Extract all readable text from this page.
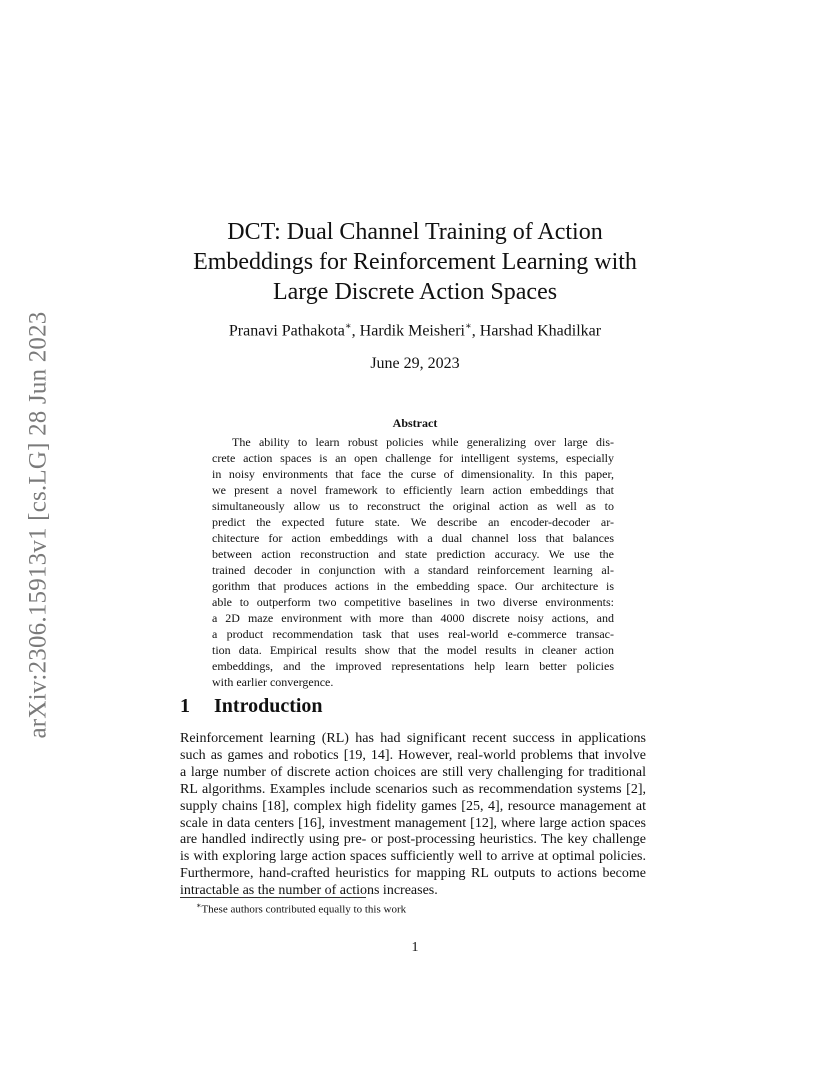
arXiv:2306.15913v1 [cs.LG] 28 Jun 2023
DCT: Dual Channel Training of Action
Embeddings for Reinforcement Learning with
Large Discrete Action Spaces
Pranavi Pathakota∗, Hardik Meisheri∗, Harshad Khadilkar
June 29, 2023
Abstract
The ability to learn robust policies while generalizing over large dis-
crete action spaces is an open challenge for intelligent systems, especially
in noisy environments that face the curse of dimensionality. In this paper,
we present a novel framework to efficiently learn action embeddings that
simultaneously allow us to reconstruct the original action as well as to
predict the expected future state. We describe an encoder-decoder ar-
chitecture for action embeddings with a dual channel loss that balances
between action reconstruction and state prediction accuracy. We use the
trained decoder in conjunction with a standard reinforcement learning al-
gorithm that produces actions in the embedding space. Our architecture is
able to outperform two competitive baselines in two diverse environments:
a 2D maze environment with more than 4000 discrete noisy actions, and
a product recommendation task that uses real-world e-commerce transac-
tion data. Empirical results show that the model results in cleaner action
embeddings, and the improved representations help learn better policies
with earlier convergence.
1 Introduction
Reinforcement learning (RL) has had significant recent success in applications
such as games and robotics [19, 14]. However, real-world problems that involve
a large number of discrete action choices are still very challenging for traditional
RL algorithms. Examples include scenarios such as recommendation systems [2],
supply chains [18], complex high fidelity games [25, 4], resource management at
scale in data centers [16], investment management [12], where large action spaces
are handled indirectly using pre- or post-processing heuristics. The key challenge
is with exploring large action spaces sufficiently well to arrive at optimal policies.
Furthermore, hand-crafted heuristics for mapping RL outputs to actions become
intractable as the number of actions increases.
∗These authors contributed equally to this work
1
